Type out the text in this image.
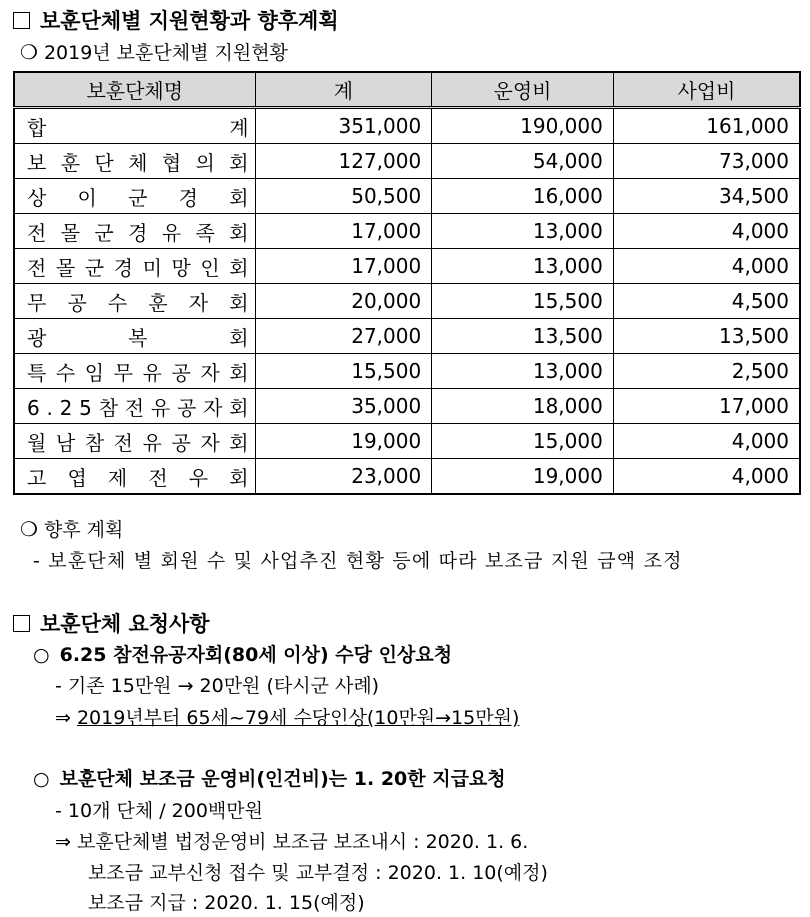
보훈단체별 지원현황과 향후계획
❍ 2019년 보훈단체별 지원현황
보훈단체명	계	운영비	사업비
합 계	351,000	190,000	161,000
보 훈 단 체 협 의 회	127,000	54,000	73,000
상 이 군 경 회	50,500	16,000	34,500
전 몰 군 경 유 족 회	17,000	13,000	4,000
전 몰 군 경 미 망 인 회	17,000	13,000	4,000
무 공 수 훈 자 회	20,000	15,500	4,500
광 복 회	27,000	13,500	13,500
특 수 임 무 유 공 자 회	15,500	13,000	2,500
6 . 2 5 참 전 유 공 자 회	35,000	18,000	17,000
월 남 참 전 유 공 자 회	19,000	15,000	4,000
고 엽 제 전 우 회	23,000	19,000	4,000
❍ 향후 계획
- 보훈단체 별 회원 수 및 사업추진 현황 등에 따라 보조금 지원 금액 조정
보훈단체 요청사항
○ 6.25 참전유공자회(80세 이상) 수당 인상요청
- 기존 15만원 → 20만원 (타시군 사례)
⇒ 2019년부터 65세~79세 수당인상(10만원→15만원)
○ 보훈단체 보조금 운영비(인건비)는 1. 20한 지급요청
- 10개 단체 / 200백만원
⇒ 보훈단체별 법정운영비 보조금 보조내시 : 2020. 1. 6.
보조금 교부신청 접수 및 교부결정 : 2020. 1. 10(예정)
보조금 지급 : 2020. 1. 15(예정)
